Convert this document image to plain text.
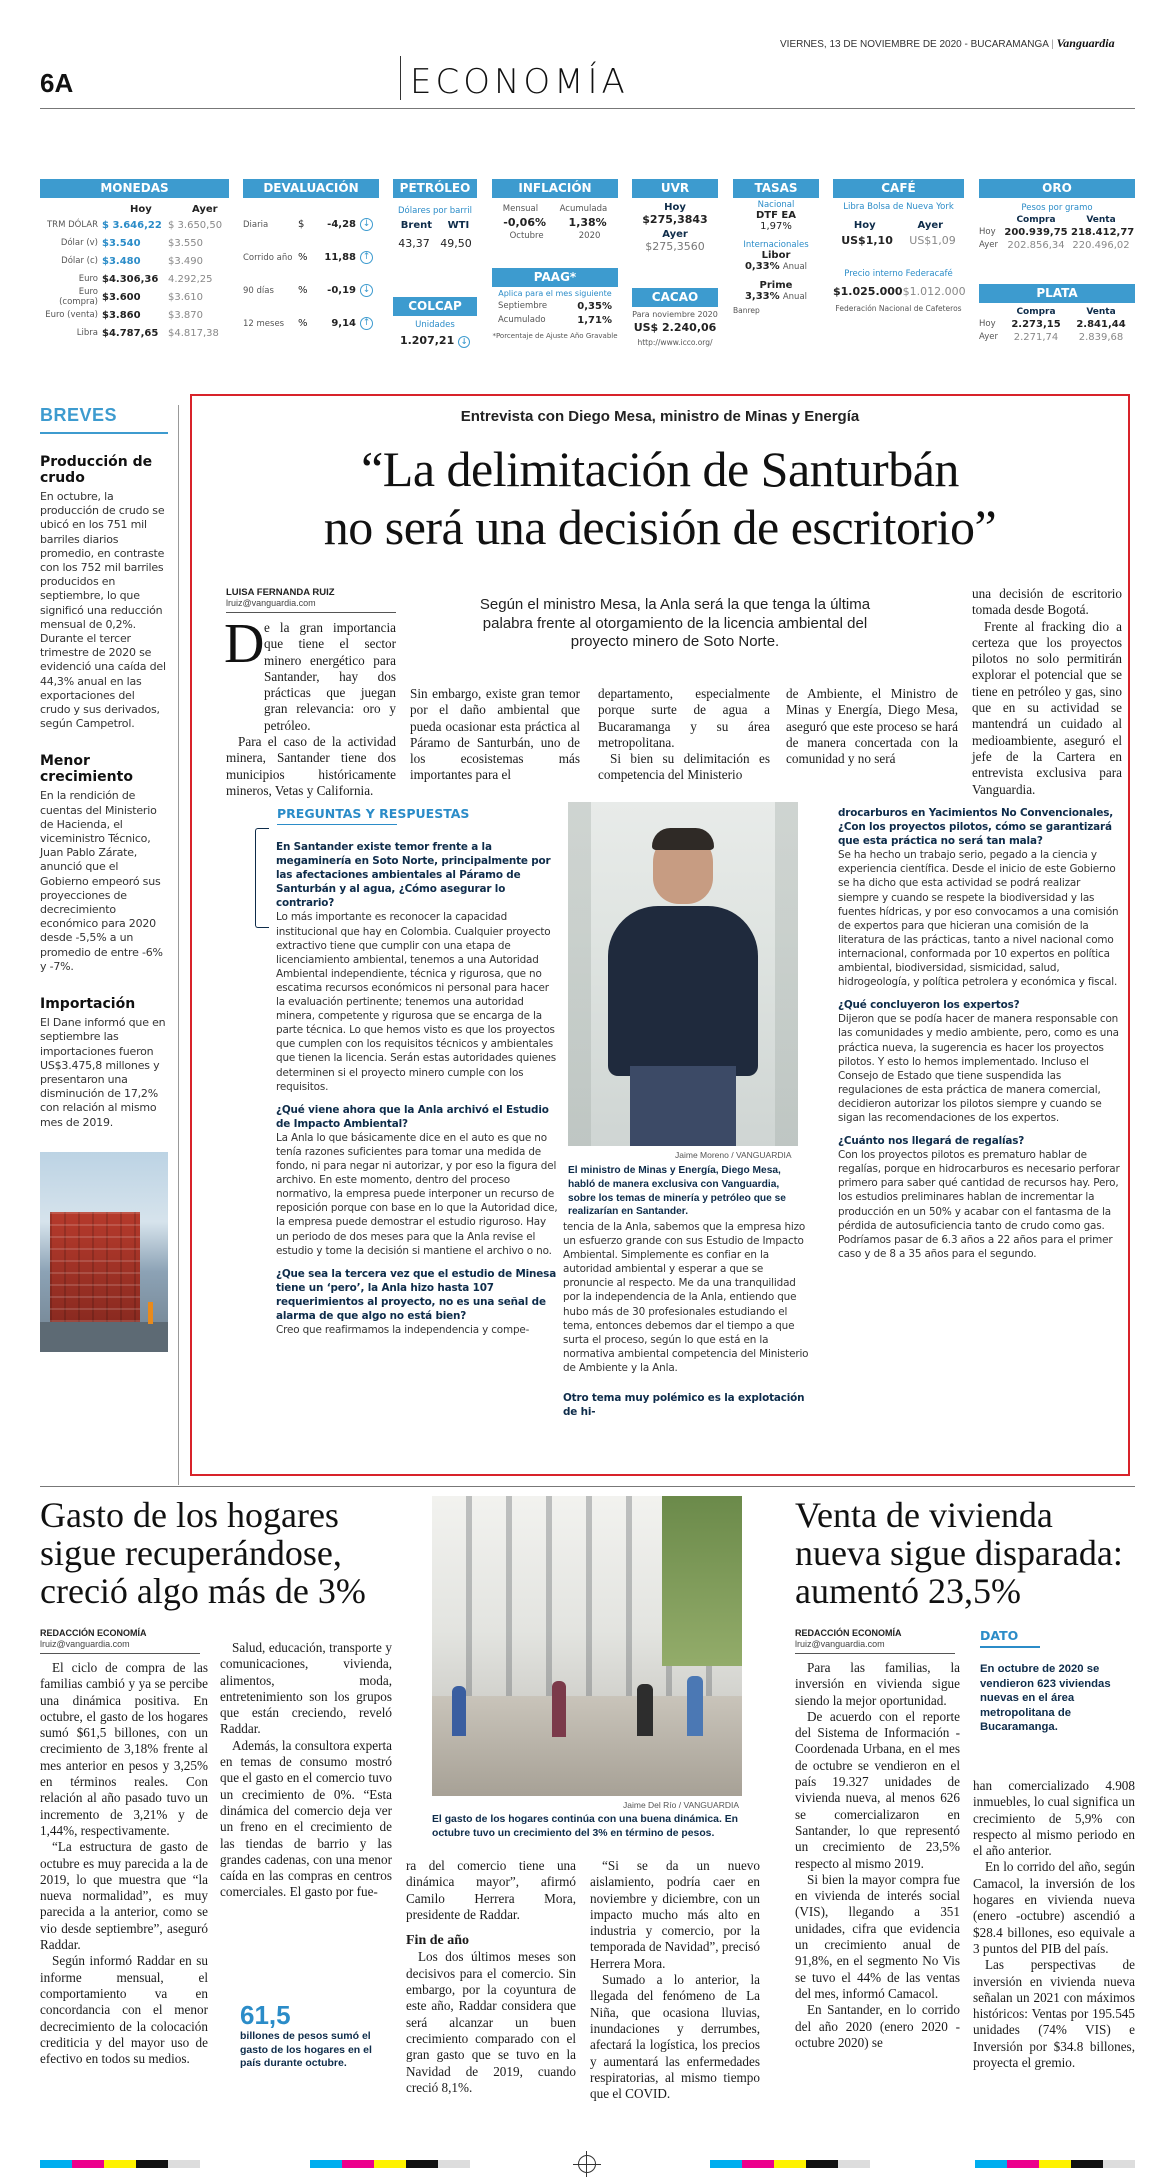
VIERNES, 13 DE NOVIEMBRE DE 2020 - BUCARAMANGA | Vanguardia
6A	ECONOMÍA
MONEDAS
Hoy	Ayer
TRM DÓLAR $ 3.646,22 $ 3.650,50
Dólar (v) $3.540	$3.550
Dólar (c) $3.480	$3.490
Euro $4.306,36 4.292,25
Euro (compra) $3.600	$3.610
Euro (venta) $3.860	$3.870
Libra $4.787,65 $4.817,38
DEVALUACIÓN
Diaria	$	-4,28 ↓
Corrido año %	11,88 ↑
90 días	%	-0,19 ↓
12 meses	%	9,14 ↑
PETRÓLEO
Dólares por barril
Brent WTI
43,37 49,50
COLCAP
Unidades
1.207,21 ↓
INFLACIÓN
Mensual	Acumulada
-0,06% 1,38%
Octubre	2020
PAAG*
Aplica para el mes siguiente
Septiembre	0,35%
Acumulado	1,71%
*Porcentaje de Ajuste Año Gravable
UVR
Hoy
$275,3843
Ayer
$275,3560
CACAO
Para noviembre 2020
US$ 2.240,06
http://www.icco.org/
TASAS
Nacional
DTF EA
1,97%
Internacionales
Libor
0,33% Anual
Prime
3,33% Anual
Banrep
CAFÉ
Libra Bolsa de Nueva York
Hoy	Ayer
US$1,10 US$1,09
Precio interno Federacafé
$1.025.000 $1.012.000
Federación Nacional de Cafeteros
ORO
Pesos por gramo
Compra	Venta
Hoy 200.939,75 218.412,77
Ayer 202.856,34 220.496,02
PLATA
Compra	Venta
Hoy	2.273,15	2.841,44
Ayer	2.271,74	2.839,68
BREVES
Producción de crudo

En octubre, la producción de crudo se ubicó en los 751 mil barriles diarios promedio, en contraste con los 752 mil barriles producidos en septiembre, lo que significó una reducción mensual de 0,2%. Durante el tercer trimestre de 2020 se evidenció una caída del 44,3% anual en las exportaciones del crudo y sus derivados, según Campetrol.

Menor crecimiento

En la rendición de cuentas del Ministerio de Hacienda, el viceministro Técnico, Juan Pablo Zárate, anunció que el Gobierno empeoró sus proyecciones de decrecimiento económico para 2020 desde -5,5% a un promedio de entre -6% y -7%.

Importación

El Dane informó que en septiembre las importaciones fueron US$3.475,8 millones y presentaron una disminución de 17,2% con relación al mismo mes de 2019.

Entrevista con Diego Mesa, ministro de Minas y Energía
“La delimitación de Santurbán
no será una decisión de escritorio”
LUISA FERNANDA RUIZ
lruiz@vanguardia.com
D e la gran importancia que tiene el sector minero energético para Santander, hay dos prácticas que juegan gran relevancia: oro y petróleo.

Para el caso de la actividad minera, Santander tiene dos municipios históricamente mineros, Vetas y California.

Según el ministro Mesa, la Anla será la que tenga la última palabra frente al otorgamiento de la licencia ambiental del proyecto minero de Soto Norte.

Sin embargo, existe gran temor por el daño ambiental que pueda ocasionar esta práctica al Páramo de Santurbán, uno de los ecosistemas más importantes para el

departamento, especialmente porque surte de agua a Bucaramanga y su área metropolitana.

Si bien su delimitación es competencia del Ministerio

de Ambiente, el Ministro de Minas y Energía, Diego Mesa, aseguró que este proceso se hará de manera concertada con la comunidad y no será

una decisión de escritorio tomada desde Bogotá.

Frente al fracking dio a certeza que los proyectos pilotos no solo permitirán explorar el potencial que se tiene en petróleo y gas, sino que en su actividad se mantendrá un cuidado al medioambiente, aseguró el jefe de la Cartera en entrevista exclusiva para Vanguardia.

PREGUNTAS Y RESPUESTAS

En Santander existe temor frente a la megaminería en Soto Norte, principalmente por las afectaciones ambientales al Páramo de Santurbán y al agua, ¿Cómo asegurar lo contrario?

Lo más importante es reconocer la capacidad institucional que hay en Colombia. Cualquier proyecto extractivo tiene que cumplir con una etapa de licenciamiento ambiental, tenemos a una Autoridad Ambiental independiente, técnica y rigurosa, que no escatima recursos económicos ni personal para hacer la evaluación pertinente; tenemos una autoridad minera, competente y rigurosa que se encarga de la parte técnica. Lo que hemos visto es que los proyectos que cumplen con los requisitos técnicos y ambientales que tienen la licencia. Serán estas autoridades quienes determinen si el proyecto minero cumple con los requisitos.

¿Qué viene ahora que la Anla archivó el Estudio de Impacto Ambiental?

La Anla lo que básicamente dice en el auto es que no tenía razones suficientes para tomar una medida de fondo, ni para negar ni autorizar, y por eso la figura del archivo. En este momento, dentro del proceso normativo, la empresa puede interponer un recurso de reposición porque con base en lo que la Autoridad dice, la empresa puede demostrar el estudio riguroso. Hay un periodo de dos meses para que la Anla revise el estudio y tome la decisión si mantiene el archivo o no.

¿Que sea la tercera vez que el estudio de Minesa tiene un ‘pero’, la Anla hizo hasta 107 requerimientos al proyecto, no es una señal de alarma de que algo no está bien?

Creo que reafirmamos la independencia y compe-

Jaime Moreno / VANGUARDIA
El ministro de Minas y Energía, Diego Mesa, habló de manera exclusiva con Vanguardia, sobre los temas de minería y petróleo que se realizarían en Santander.

tencia de la Anla, sabemos que la empresa hizo un esfuerzo grande con sus Estudio de Impacto Ambiental. Simplemente es confiar en la autoridad ambiental y esperar a que se pronuncie al respecto. Me da una tranquilidad por la independencia de la Anla, entiendo que hubo más de 30 profesionales estudiando el tema, entonces debemos dar el tiempo a que surta el proceso, según lo que está en la normativa ambiental competencia del Ministerio de Ambiente y la Anla.

Otro tema muy polémico es la explotación de hi-

drocarburos en Yacimientos No Convencionales, ¿Con los proyectos pilotos, cómo se garantizará que esta práctica no será tan mala?

Se ha hecho un trabajo serio, pegado a la ciencia y experiencia científica. Desde el inicio de este Gobierno se ha dicho que esta actividad se podrá realizar siempre y cuando se respete la biodiversidad y las fuentes hídricas, y por eso convocamos a una comisión de expertos para que hicieran una comisión de la literatura de las prácticas, tanto a nivel nacional como internacional, conformada por 10 expertos en política ambiental, biodiversidad, sismicidad, salud, hidrogeología, y política petrolera y económica y fiscal.

¿Qué concluyeron los expertos?

Dijeron que se podía hacer de manera responsable con las comunidades y medio ambiente, pero, como es una práctica nueva, la sugerencia es hacer los proyectos pilotos. Y esto lo hemos implementado. Incluso el Consejo de Estado que tiene suspendida las regulaciones de esta práctica de manera comercial, decidieron autorizar los pilotos siempre y cuando se sigan las recomendaciones de los expertos.

¿Cuánto nos llegará de regalías?

Con los proyectos pilotos es prematuro hablar de regalías, porque en hidrocarburos es necesario perforar primero para saber qué cantidad de recursos hay. Pero, los estudios preliminares hablan de incrementar la producción en un 50% y acabar con el fantasma de la pérdida de autosuficiencia tanto de crudo como gas. Podríamos pasar de 6.3 años a 22 años para el primer caso y de 8 a 35 años para el segundo.

Gasto de los hogares sigue recuperándose, creció algo más de 3%
REDACCIÓN ECONOMÍA
lruiz@vanguardia.com

El ciclo de compra de las familias cambió y ya se percibe una dinámica positiva. En octubre, el gasto de los hogares sumó $61,5 billones, con un crecimiento de 3,18% frente al mes anterior en pesos y 3,25% en términos reales. Con relación al año pasado tuvo un incremento de 3,21% y de 1,44%, respectivamente.

“La estructura de gasto de octubre es muy parecida a la de 2019, lo que muestra que “la nueva normalidad”, es muy parecida a la anterior, como se vio desde septiembre”, aseguró Raddar.

Según informó Raddar en su informe mensual, el comportamiento va en concordancia con el menor decrecimiento de la colocación crediticia y del mayor uso de efectivo en todos su medios.

Salud, educación, transporte y comunicaciones, vivienda, alimentos, moda, entretenimiento son los grupos que están creciendo, reveló Raddar.

Además, la consultora experta en temas de consumo mostró que el gasto en el comercio tuvo un crecimiento de 0%. “Esta dinámica del comercio deja ver un freno en el crecimiento de las tiendas de barrio y las grandes cadenas, con una menor caída en las compras en centros comerciales. El gasto por fue-

61,5
billones de pesos sumó el gasto de los hogares en el país durante octubre.
Jaime Del Río / VANGUARDIA
El gasto de los hogares continúa con una buena dinámica. En octubre tuvo un crecimiento del 3% en término de pesos.

ra del comercio tiene una dinámica mayor”, afirmó Camilo Herrera Mora, presidente de Raddar.

Fin de año

Los dos últimos meses son decisivos para el comercio. Sin embargo, por la coyuntura de este año, Raddar considera que será alcanzar un buen crecimiento comparado con el gran gasto que se tuvo en la Navidad de 2019, cuando creció 8,1%.

“Si se da un nuevo aislamiento, podría caer en noviembre y diciembre, con un impacto mucho más alto en industria y comercio, por la temporada de Navidad”, precisó Herrera Mora.

Sumado a lo anterior, la llegada del fenómeno de La Niña, que ocasiona lluvias, inundaciones y derrumbes, afectará la logística, los precios y aumentará las enfermedades respiratorias, al mismo tiempo que el COVID.

Venta de vivienda nueva sigue disparada: aumentó 23,5%
REDACCIÓN ECONOMÍA
lruiz@vanguardia.com

Para las familias, la inversión en vivienda sigue siendo la mejor oportunidad.

De acuerdo con el reporte del Sistema de Información - Coordenada Urbana, en el mes de octubre se vendieron en el país 19.327 unidades de vivienda nueva, al menos 626 se comercializaron en Santander, lo que representó un crecimiento de 23,5% respecto al mismo 2019.

Si bien la mayor compra fue en vivienda de interés social (VIS), llegando a 351 unidades, cifra que evidencia un crecimiento anual de 91,8%, en el segmento No Vis se tuvo el 44% de las ventas del mes, informó Camacol.

En Santander, en lo corrido del año 2020 (enero 2020 - octubre 2020) se

DATO
En octubre de 2020 se vendieron 623 viviendas nuevas en el área metropolitana de Bucaramanga.

han comercializado 4.908 inmuebles, lo cual significa un crecimiento de 5,9% con respecto al mismo periodo en el año anterior.

En lo corrido del año, según Camacol, la inversión de los hogares en vivienda nueva (enero -octubre) ascendió a $28.4 billones, eso equivale a 3 puntos del PIB del país.

Las perspectivas de inversión en vivienda nueva señalan un 2021 con máximos históricos: Ventas por 195.545 unidades (74% VIS) e Inversión por $34.8 billones, proyecta el gremio.
